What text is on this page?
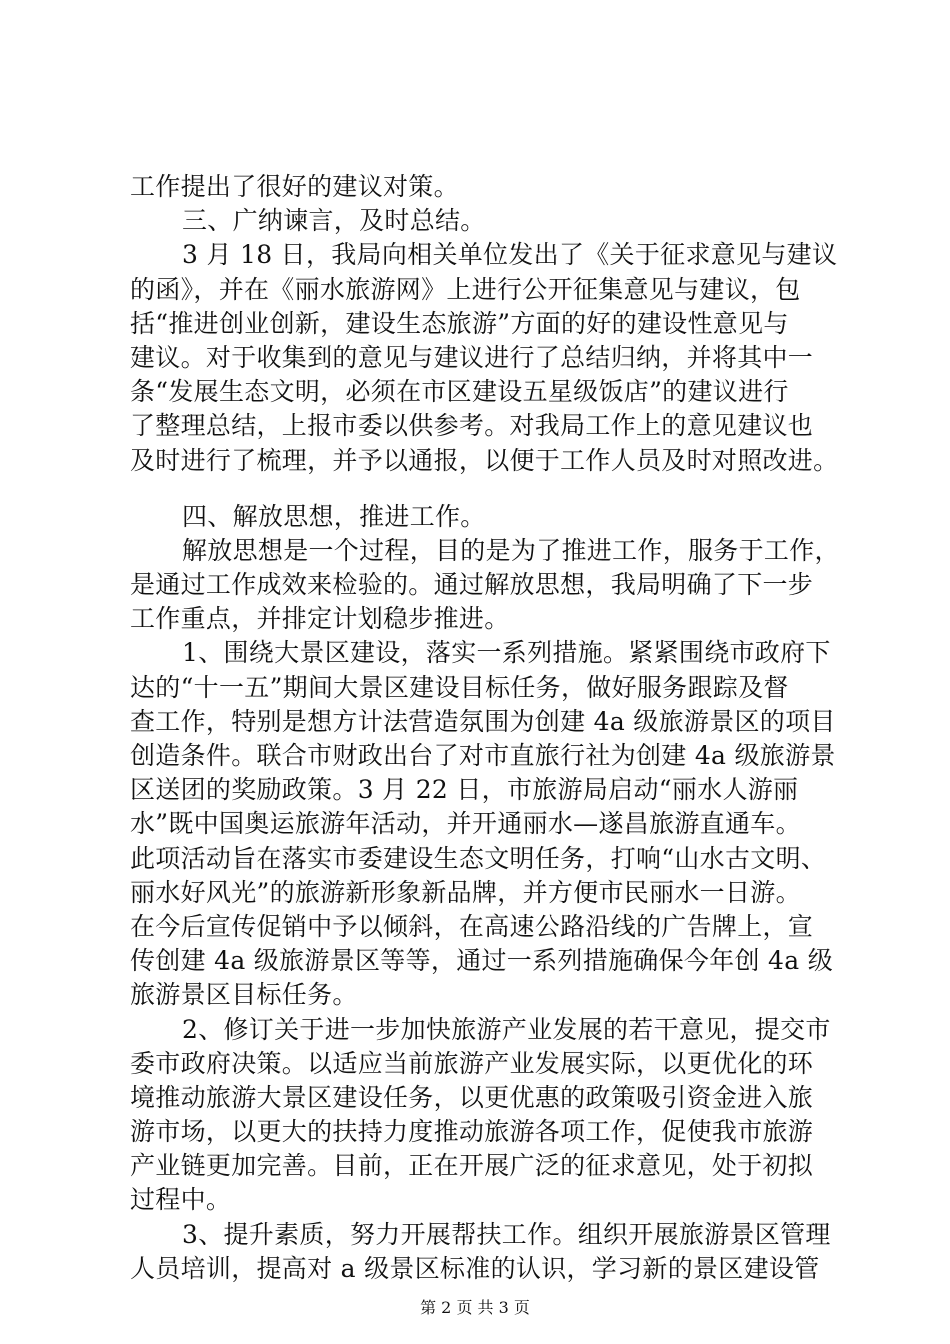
工作提出了很好的建议对策。
三、广纳谏言，及时总结。
3 月 18 日，我局向相关单位发出了《关于征求意见与建议
的函》，并在《丽水旅游网》上进行公开征集意见与建议，包
括“推进创业创新，建设生态旅游”方面的好的建设性意见与
建议。对于收集到的意见与建议进行了总结归纳，并将其中一
条“发展生态文明，必须在市区建设五星级饭店”的建议进行
了整理总结，上报市委以供参考。对我局工作上的意见建议也
及时进行了梳理，并予以通报，以便于工作人员及时对照改进。
四、解放思想，推进工作。
解放思想是一个过程，目的是为了推进工作，服务于工作，
是通过工作成效来检验的。通过解放思想，我局明确了下一步
工作重点，并排定计划稳步推进。
1、围绕大景区建设，落实一系列措施。紧紧围绕市政府下
达的“十一五”期间大景区建设目标任务，做好服务跟踪及督
查工作，特别是想方计法营造氛围为创建 4a 级旅游景区的项目
创造条件。联合市财政出台了对市直旅行社为创建 4a 级旅游景
区送团的奖励政策。3 月 22 日，市旅游局启动“丽水人游丽
水”既中国奥运旅游年活动，并开通丽水—遂昌旅游直通车。
此项活动旨在落实市委建设生态文明任务，打响“山水古文明、
丽水好风光”的旅游新形象新品牌，并方便市民丽水一日游。
在今后宣传促销中予以倾斜，在高速公路沿线的广告牌上，宣
传创建 4a 级旅游景区等等，通过一系列措施确保今年创 4a 级
旅游景区目标任务。
2、修订关于进一步加快旅游产业发展的若干意见，提交市
委市政府决策。以适应当前旅游产业发展实际，以更优化的环
境推动旅游大景区建设任务，以更优惠的政策吸引资金进入旅
游市场，以更大的扶持力度推动旅游各项工作，促使我市旅游
产业链更加完善。目前，正在开展广泛的征求意见，处于初拟
过程中。
3、提升素质，努力开展帮扶工作。组织开展旅游景区管理
人员培训，提高对 a 级景区标准的认识，学习新的景区建设管
第 2 页 共 3 页
